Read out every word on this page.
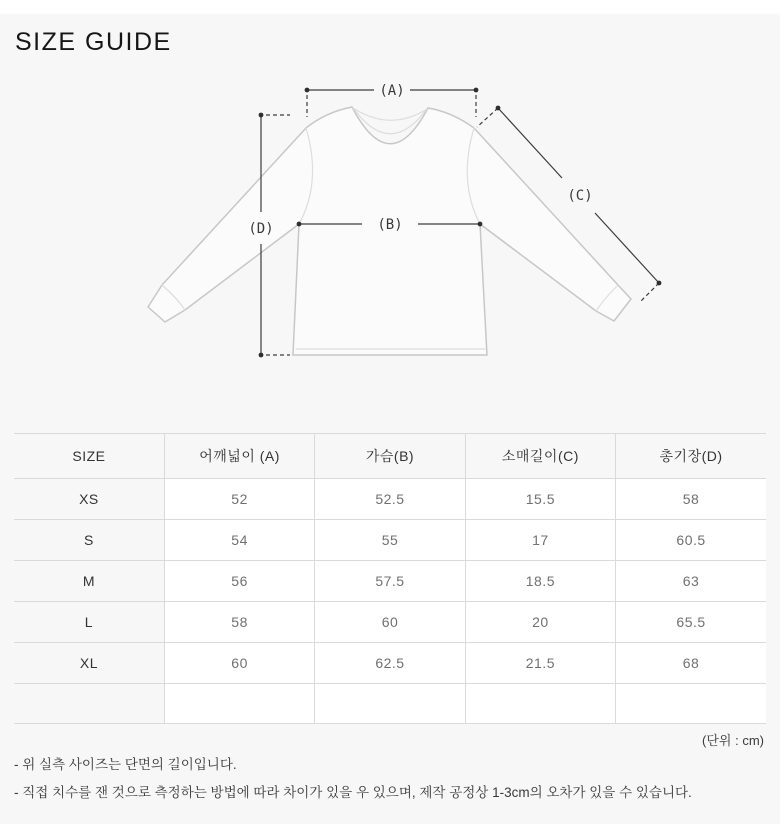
SIZE GUIDE
(A)
(B)
(C)
(D)
SIZE	어깨넓이 (A)	가슴(B)	소매길이(C)	총기장(D)
XS	52	52.5	15.5	58
S	54	55	17	60.5
M	56	57.5	18.5	63
L	58	60	20	65.5
XL	60	62.5	21.5	68

(단위 : cm)
- 위 실측 사이즈는 단면의 길이입니다.
- 직접 치수를 잰 것으로 측정하는 방법에 따라 차이가 있을 우 있으며, 제작 공정상 1-3cm의 오차가 있을 수 있습니다.
